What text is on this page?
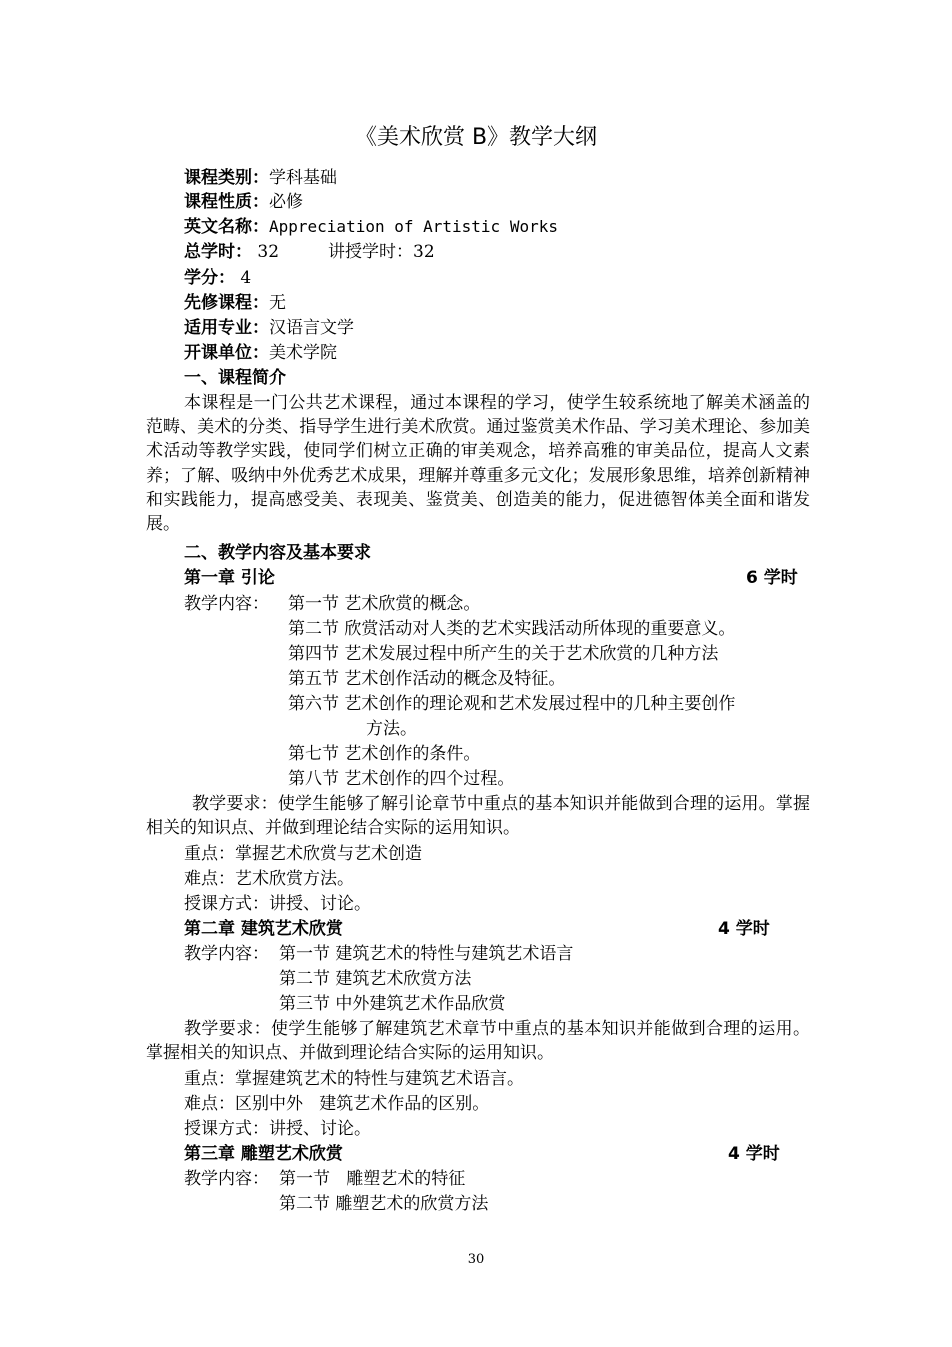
《美术欣赏 B》教学大纲
课程类别：学科基础
课程性质：必修
英文名称：Appreciation of Artistic Works
总学时： 32	讲授学时：32
学分： 4
先修课程：无
适用专业：汉语言文学
开课单位：美术学院
一、课程简介
本课程是一门公共艺术课程，通过本课程的学习，使学生较系统地了解美术涵盖的范畴、美术的分类、指导学生进行美术欣赏。通过鉴赏美术作品、学习美术理论、参加美术活动等教学实践，使同学们树立正确的审美观念，培养高雅的审美品位，提高人文素养；了解、吸纳中外优秀艺术成果，理解并尊重多元文化；发展形象思维，培养创新精神和实践能力，提高感受美、表现美、鉴赏美、创造美的能力，促进德智体美全面和谐发展。
二、教学内容及基本要求
第一章 引论	6 学时
教学内容： 第一节 艺术欣赏的概念。
第二节 欣赏活动对人类的艺术实践活动所体现的重要意义。
第四节 艺术发展过程中所产生的关于艺术欣赏的几种方法
第五节 艺术创作活动的概念及特征。
第六节 艺术创作的理论观和艺术发展过程中的几种主要创作
方法。
第七节 艺术创作的条件。
第八节 艺术创作的四个过程。
教学要求：使学生能够了解引论章节中重点的基本知识并能做到合理的运用。掌握相关的知识点、并做到理论结合实际的运用知识。
重点：掌握艺术欣赏与艺术创造
难点：艺术欣赏方法。
授课方式：讲授、讨论。
第二章 建筑艺术欣赏	4 学时
教学内容： 第一节 建筑艺术的特性与建筑艺术语言
第二节 建筑艺术欣赏方法
第三节 中外建筑艺术作品欣赏
教学要求：使学生能够了解建筑艺术章节中重点的基本知识并能做到合理的运用。掌握相关的知识点、并做到理论结合实际的运用知识。
重点：掌握建筑艺术的特性与建筑艺术语言。
难点：区别中外   建筑艺术作品的区别。
授课方式：讲授、讨论。
第三章 雕塑艺术欣赏	4 学时
教学内容： 第一节   雕塑艺术的特征
第二节 雕塑艺术的欣赏方法
30
